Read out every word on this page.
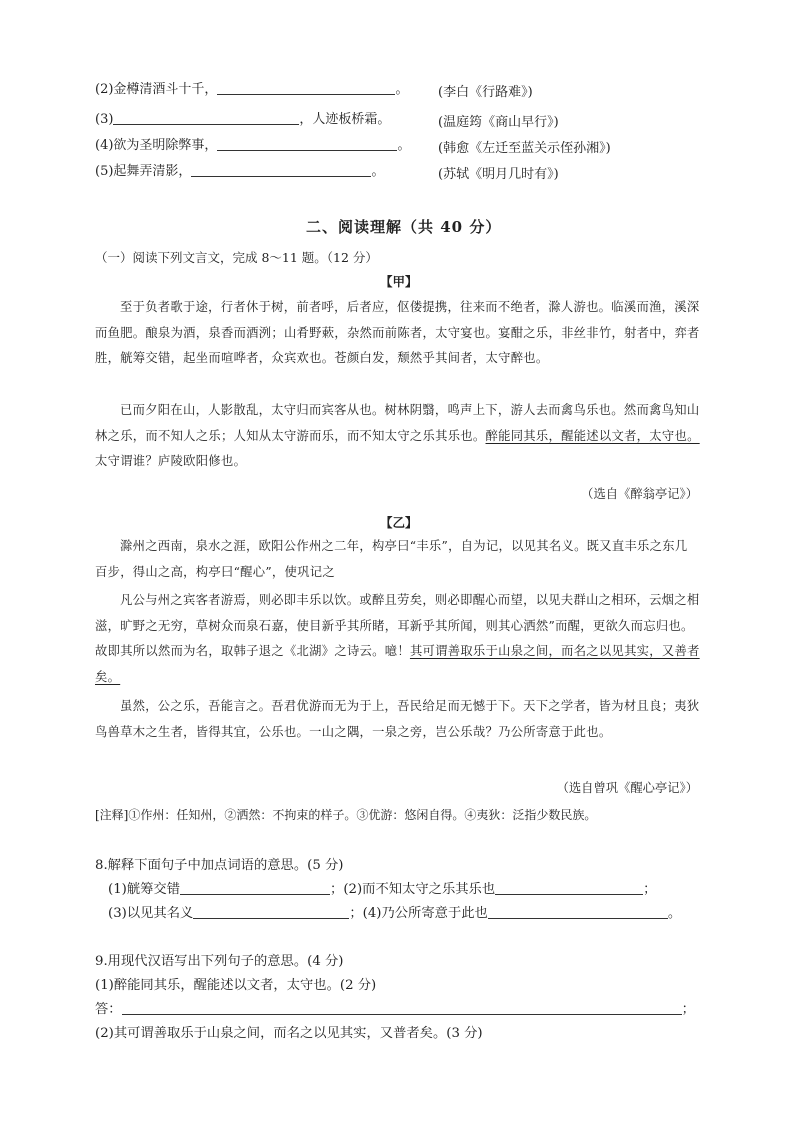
(2)金樽清酒斗十千，	。 (李白《行路难》)
(3)	，人迹板桥霜。	(温庭筠《商山早行》)
(4)欲为圣明除弊事，	。 (韩愈《左迁至蓝关示侄孙湘》)
(5)起舞弄清影，	。	(苏轼《明月几时有》)
二、阅读理解（共 40 分）
（一）阅读下列文言文，完成 8～11 题。（12 分）
【甲】
至于负者歌于途，行者休于树，前者呼，后者应，伛偻提携，往来而不绝者，滁人游也。临溪而渔，溪深而鱼肥。酿泉为酒，泉香而酒洌；山肴野蔌，杂然而前陈者，太守宴也。宴酣之乐，非丝非竹，射者中，弈者胜，觥筹交错，起坐而喧哗者，众宾欢也。苍颜白发，颓然乎其间者，太守醉也。
已而夕阳在山，人影散乱，太守归而宾客从也。树林阴翳，鸣声上下，游人去而禽鸟乐也。然而禽鸟知山林之乐，而不知人之乐；人知从太守游而乐，而不知太守之乐其乐也。醉能同其乐，醒能述以文者，太守也。太守谓谁？庐陵欧阳修也。
（选自《醉翁亭记》）
【乙】
滁州之西南，泉水之涯，欧阳公作州之二年，构亭曰“丰乐”，自为记，以见其名义。既又直丰乐之东几百步，得山之高，构亭曰“醒心”，使巩记之
凡公与州之宾客者游焉，则必即丰乐以饮。或醉且劳矣，则必即醒心而望，以见夫群山之相环，云烟之相滋，旷野之无穷，草树众而泉石嘉，使目新乎其所睹，耳新乎其所闻，则其心洒然”而醒，更欲久而忘归也。故即其所以然而为名，取韩子退之《北湖》之诗云。噫！其可谓善取乐于山泉之间，而名之以见其实，又善者矣。
虽然，公之乐，吾能言之。吾君优游而无为于上，吾民给足而无憾于下。天下之学者，皆为材且良；夷狄鸟兽草木之生者，皆得其宜，公乐也。一山之隅，一泉之旁，岂公乐哉？乃公所寄意于此也。
（选自曾巩《醒心亭记》）
[注释]①作州：任知州，②洒然：不拘束的样子。③优游：悠闲自得。④夷狄：泛指少数民族。
8.解释下面句子中加点词语的意思。(5 分)
(1)觥筹交错	；(2)而不知太守之乐其乐也	；
(3)以见其名义	；(4)乃公所寄意于此也	。
9.用现代汉语写出下列句子的意思。(4 分)
(1)醉能同其乐，醒能述以文者，太守也。(2 分)
答：	；
(2)其可谓善取乐于山泉之间，而名之以见其实，又普者矣。(3 分)
